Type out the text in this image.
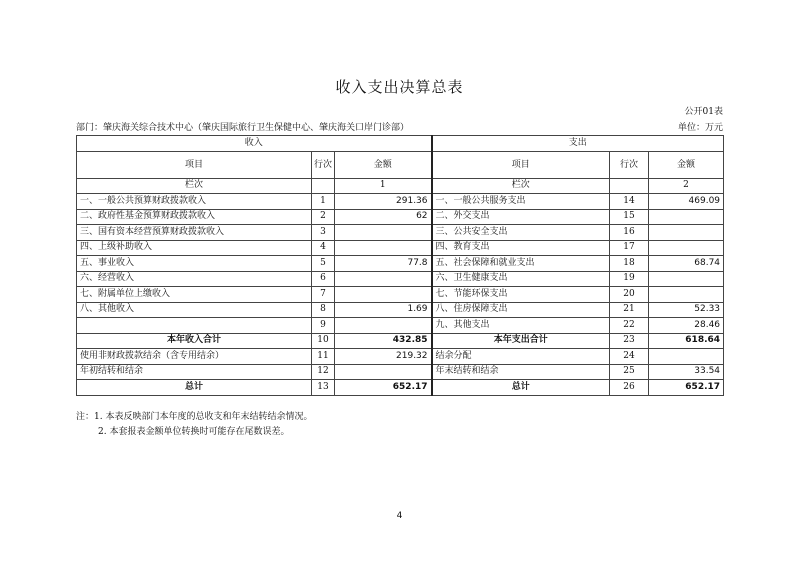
收入支出决算总表
公开01表
部门：肇庆海关综合技术中心（肇庆国际旅行卫生保健中心、肇庆海关口岸门诊部）	单位：万元
收入			支出		
项目	行次	金额	项目	行次	金额
栏次		1	栏次		2
一、一般公共预算财政拨款收入	1	291.36	一、一般公共服务支出	14	469.09
二、政府性基金预算财政拨款收入	2	62	二、外交支出	15	
三、国有资本经营预算财政拨款收入	3		三、公共安全支出	16	
四、上级补助收入	4		四、教育支出	17	
五、事业收入	5	77.8	五、社会保障和就业支出	18	68.74
六、经营收入	6		六、卫生健康支出	19	
七、附属单位上缴收入	7		七、节能环保支出	20	
八、其他收入	8	1.69	八、住房保障支出	21	52.33
	9		九、其他支出	22	28.46
本年收入合计	10	432.85	本年支出合计	23	618.64
使用非财政拨款结余（含专用结余）	11	219.32	结余分配	24	
年初结转和结余	12		年末结转和结余	25	33.54
总计	13	652.17	总计	26	652.17
注：1. 本表反映部门本年度的总收支和年末结转结余情况。
2. 本套报表金额单位转换时可能存在尾数误差。
4
